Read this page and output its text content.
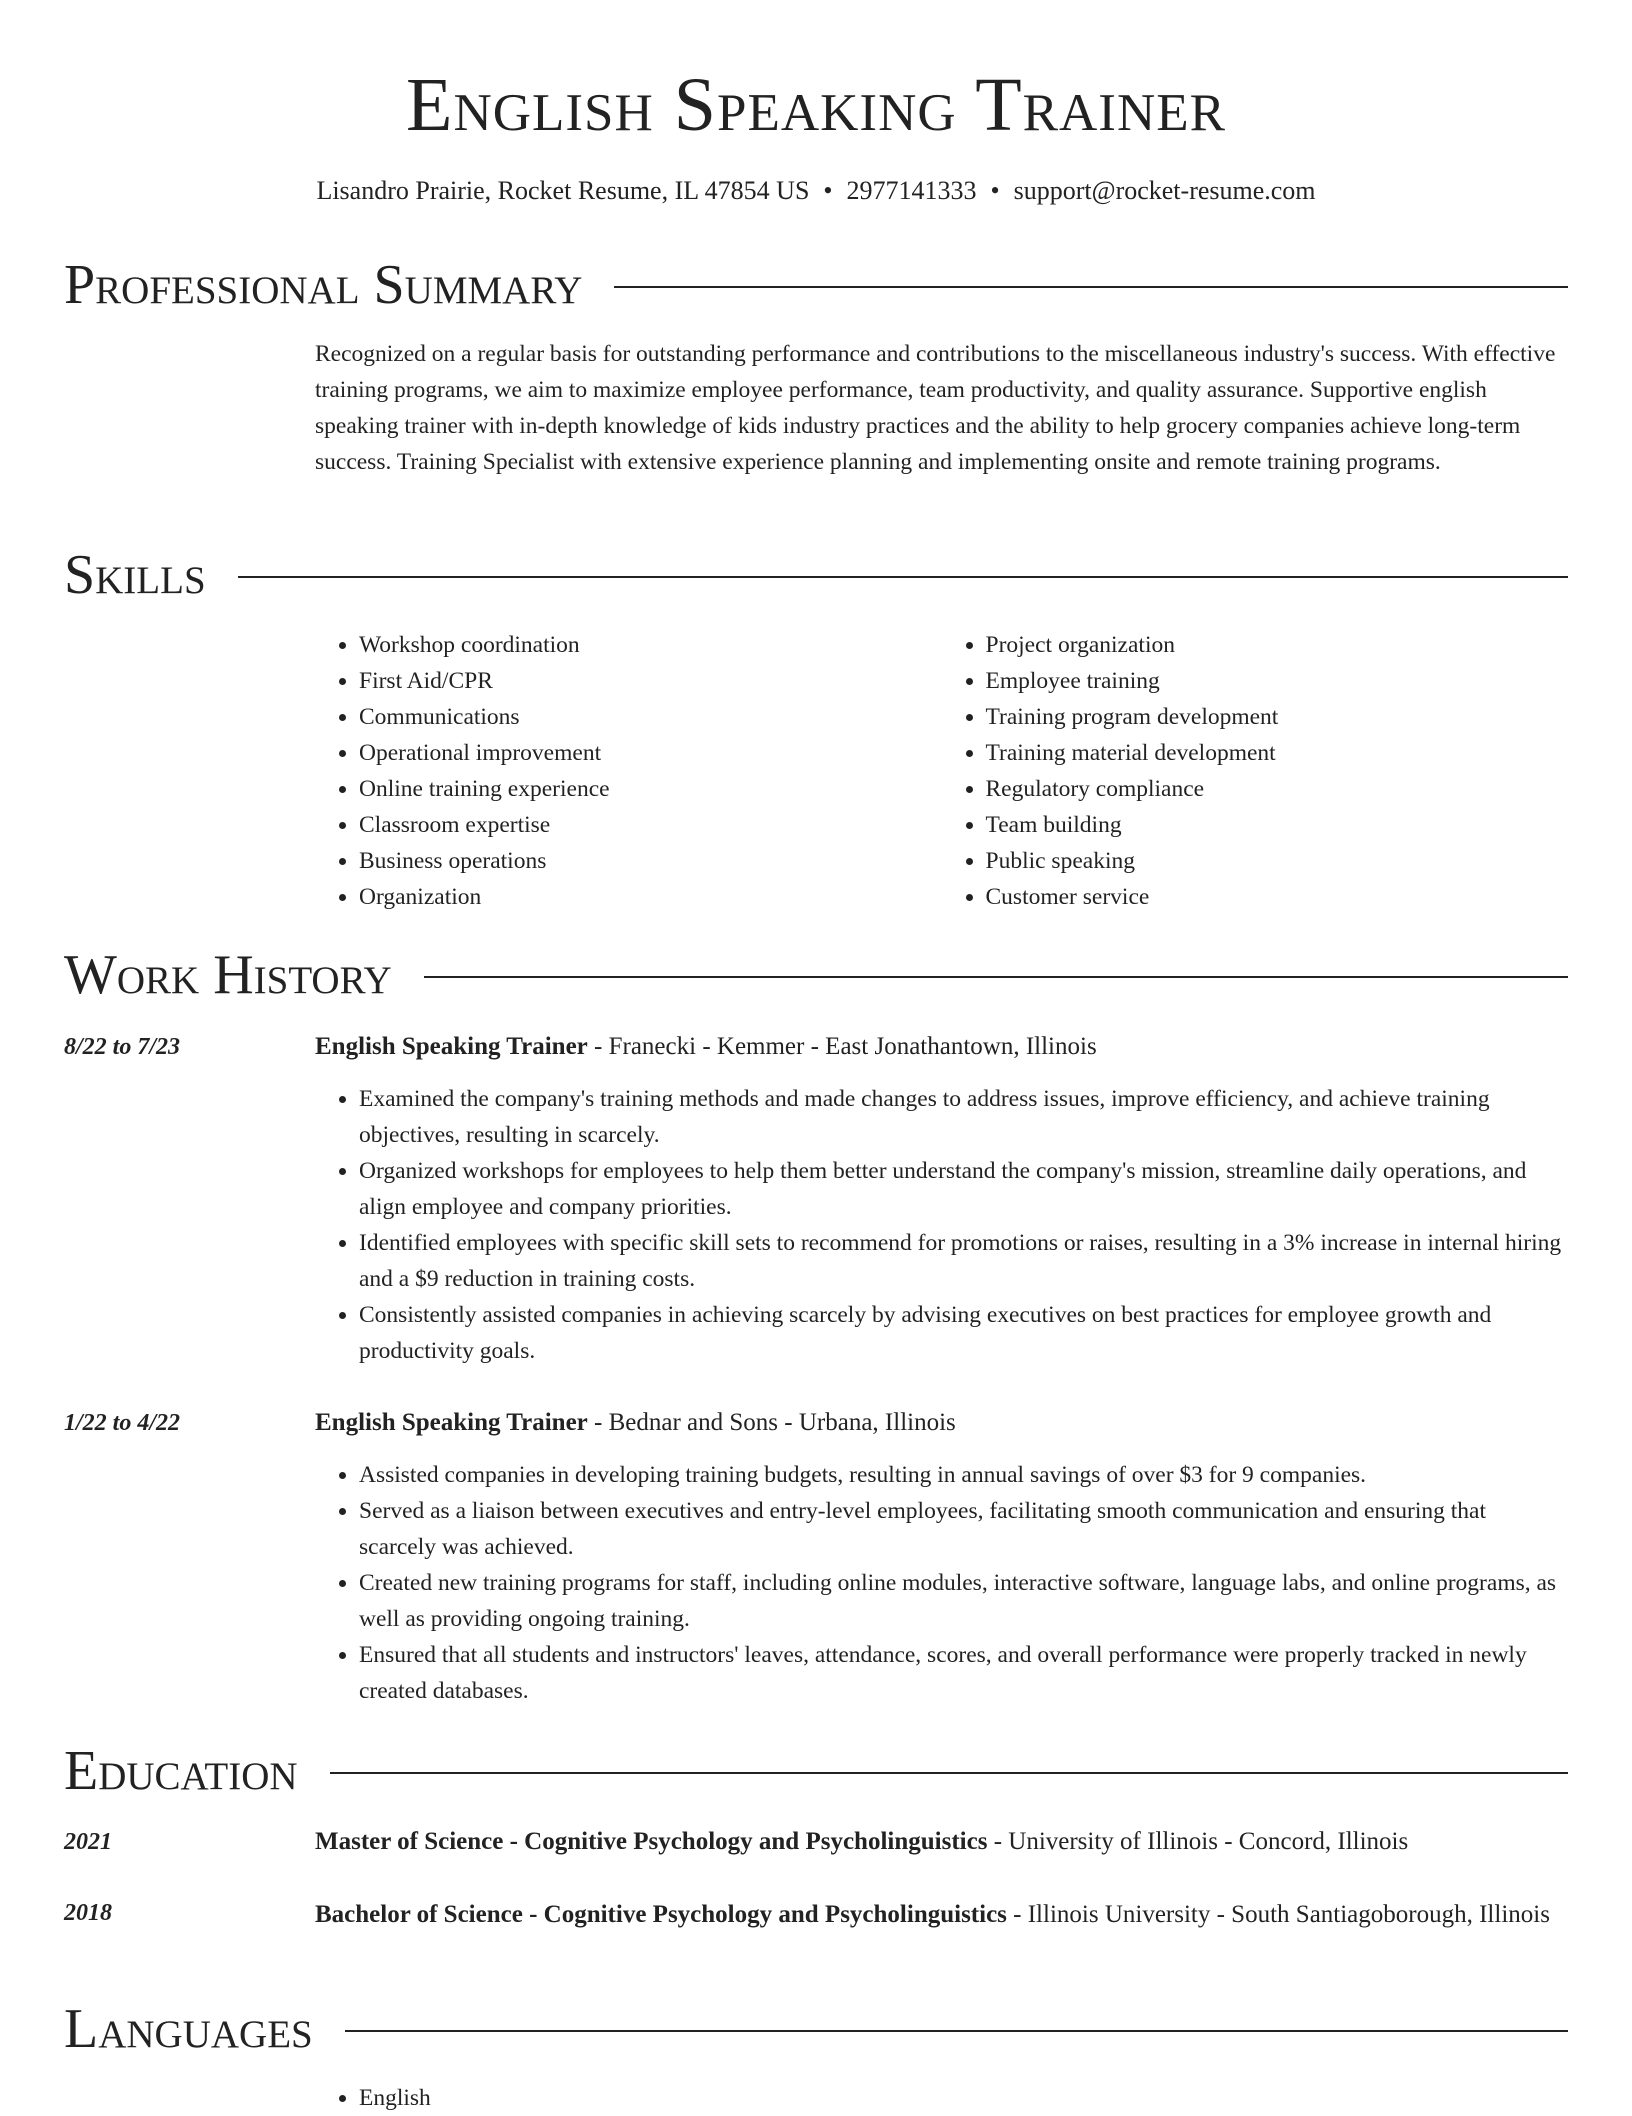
English Speaking Trainer
Lisandro Prairie, Rocket Resume, IL 47854 US • 2977141333 • support@rocket-resume.com
Professional Summary

Recognized on a regular basis for outstanding performance and contributions to the miscellaneous industry's success. With effective training programs, we aim to maximize employee performance, team productivity, and quality assurance. Supportive english speaking trainer with in-depth knowledge of kids industry practices and the ability to help grocery companies achieve long-term success. Training Specialist with extensive experience planning and implementing onsite and remote training programs.

Skills
• Workshop coordination
• First Aid/CPR
• Communications
• Operational improvement
• Online training experience
• Classroom expertise
• Business operations
• Organization
• Project organization
• Employee training
• Training program development
• Training material development
• Regulatory compliance
• Team building
• Public speaking
• Customer service
Work History
8/22 to 7/23	English Speaking Trainer - Franecki - Kemmer - East Jonathantown, Illinois
• Examined the company's training methods and made changes to address issues, improve efficiency, and achieve training objectives, resulting in scarcely.
• Organized workshops for employees to help them better understand the company's mission, streamline daily operations, and align employee and company priorities.
• Identified employees with specific skill sets to recommend for promotions or raises, resulting in a 3% increase in internal hiring and a $9 reduction in training costs.
• Consistently assisted companies in achieving scarcely by advising executives on best practices for employee growth and productivity goals.
1/22 to 4/22	English Speaking Trainer - Bednar and Sons - Urbana, Illinois
• Assisted companies in developing training budgets, resulting in annual savings of over $3 for 9 companies.
• Served as a liaison between executives and entry-level employees, facilitating smooth communication and ensuring that scarcely was achieved.
• Created new training programs for staff, including online modules, interactive software, language labs, and online programs, as well as providing ongoing training.
• Ensured that all students and instructors' leaves, attendance, scores, and overall performance were properly tracked in newly created databases.
Education
2021	Master of Science - Cognitive Psychology and Psycholinguistics - University of Illinois - Concord, Illinois
2018	Bachelor of Science - Cognitive Psychology and Psycholinguistics - Illinois University - South Santiagoborough, Illinois
Languages
• English
